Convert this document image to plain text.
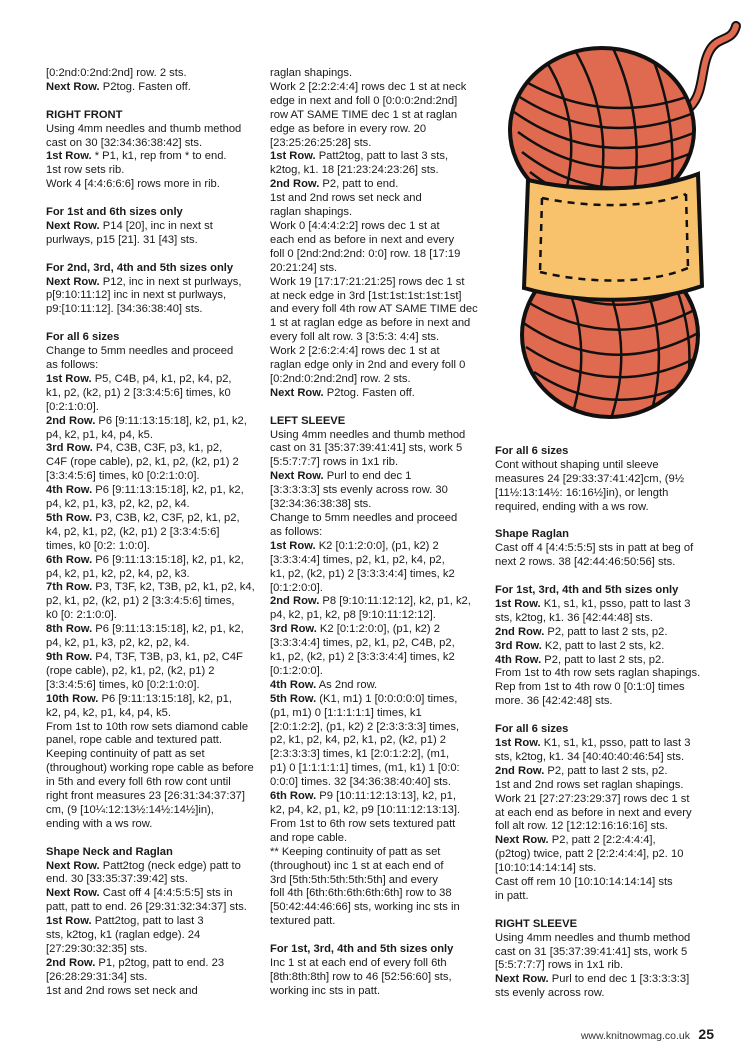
[0:2nd:0:2nd:2nd] row. 2 sts.
Next Row. P2tog. Fasten off.
RIGHT FRONT
Using 4mm needles and thumb method
cast on 30 [32:34:36:38:42] sts.
1st Row. * P1, k1, rep from * to end.
1st row sets rib.
Work 4 [4:4:6:6:6] rows more in rib.
For 1st and 6th sizes only
Next Row. P14 [20], inc in next st
purlways, p15 [21]. 31 [43] sts.
For 2nd, 3rd, 4th and 5th sizes only
Next Row. P12, inc in next st purlways,
p[9:10:11:12] inc in next st purlways,
p9:[10:11:12]. [34:36:38:40] sts.
For all 6 sizes
Change to 5mm needles and proceed
as follows:
1st Row. P5, C4B, p4, k1, p2, k4, p2,
k1, p2, (k2, p1) 2 [3:3:4:5:6] times, k0
[0:2:1:0:0].
2nd Row. P6 [9:11:13:15:18], k2, p1, k2,
p4, k2, p1, k4, p4, k5.
3rd Row. P4, C3B, C3F, p3, k1, p2,
C4F (rope cable), p2, k1, p2, (k2, p1) 2
[3:3:4:5:6] times, k0 [0:2:1:0:0].
4th Row. P6 [9:11:13:15:18], k2, p1, k2,
p4, k2, p1, k3, p2, k2, p2, k4.
5th Row. P3, C3B, k2, C3F, p2, k1, p2,
k4, p2, k1, p2, (k2, p1) 2 [3:3:4:5:6]
times, k0 [0:2: 1:0:0].
6th Row. P6 [9:11:13:15:18], k2, p1, k2,
p4, k2, p1, k2, p2, k4, p2, k3.
7th Row. P3, T3F, k2, T3B, p2, k1, p2, k4,
p2, k1, p2, (k2, p1) 2 [3:3:4:5:6] times,
k0 [0: 2:1:0:0].
8th Row. P6 [9:11:13:15:18], k2, p1, k2,
p4, k2, p1, k3, p2, k2, p2, k4.
9th Row. P4, T3F, T3B, p3, k1, p2, C4F
(rope cable), p2, k1, p2, (k2, p1) 2
[3:3:4:5:6] times, k0 [0:2:1:0:0].
10th Row. P6 [9:11:13:15:18], k2, p1,
k2, p4, k2, p1, k4, p4, k5.
From 1st to 10th row sets diamond cable
panel, rope cable and textured patt.
Keeping continuity of patt as set
(throughout) working rope cable as before
in 5th and every foll 6th row cont until
right front measures 23 [26:31:34:37:37]
cm, (9 [10¼:12:13½:14½:14½]in),
ending with a ws row.
Shape Neck and Raglan
Next Row. Patt2tog (neck edge) patt to
end. 30 [33:35:37:39:42] sts.
Next Row. Cast off 4 [4:4:5:5:5] sts in
patt, patt to end. 26 [29:31:32:34:37] sts.
1st Row. Patt2tog, patt to last 3
sts, k2tog, k1 (raglan edge). 24
[27:29:30:32:35] sts.
2nd Row. P1, p2tog, patt to end. 23
[26:28:29:31:34] sts.
1st and 2nd rows set neck and
raglan shapings.
Work 2 [2:2:2:4:4] rows dec 1 st at neck
edge in next and foll 0 [0:0:0:2nd:2nd]
row AT SAME TIME dec 1 st at raglan
edge as before in every row. 20
[23:25:26:25:28] sts.
1st Row. Patt2tog, patt to last 3 sts,
k2tog, k1. 18 [21:23:24:23:26] sts.
2nd Row. P2, patt to end.
1st and 2nd rows set neck and
raglan shapings.
Work 0 [4:4:4:2:2] rows dec 1 st at
each end as before in next and every
foll 0 [2nd:2nd:2nd: 0:0] row. 18 [17:19
20:21:24] sts.
Work 19 [17:17:21:21:25] rows dec 1 st
at neck edge in 3rd [1st:1st:1st:1st:1st]
and every foll 4th row AT SAME TIME dec
1 st at raglan edge as before in next and
every foll alt row. 3 [3:5:3: 4:4] sts.
Work 2 [2:6:2:4:4] rows dec 1 st at
raglan edge only in 2nd and every foll 0
[0:2nd:0:2nd:2nd] row. 2 sts.
Next Row. P2tog. Fasten off.
LEFT SLEEVE
Using 4mm needles and thumb method
cast on 31 [35:37:39:41:41] sts, work 5
[5:5:7:7:7] rows in 1x1 rib.
Next Row. Purl to end dec 1
[3:3:3:3:3] sts evenly across row. 30
[32:34:36:38:38] sts.
Change to 5mm needles and proceed
as follows:
1st Row. K2 [0:1:2:0:0], (p1, k2) 2
[3:3:3:4:4] times, p2, k1, p2, k4, p2,
k1, p2, (k2, p1) 2 [3:3:3:4:4] times, k2
[0:1:2:0:0].
2nd Row. P8 [9:10:11:12:12], k2, p1, k2,
p4, k2, p1, k2, p8 [9:10:11:12:12].
3rd Row. K2 [0:1:2:0:0], (p1, k2) 2
[3:3:3:4:4] times, p2, k1, p2, C4B, p2,
k1, p2, (k2, p1) 2 [3:3:3:4:4] times, k2
[0:1:2:0:0].
4th Row. As 2nd row.
5th Row. (K1, m1) 1 [0:0:0:0:0] times,
(p1, m1) 0 [1:1:1:1:1] times, k1
[2:0:1:2:2], (p1, k2) 2 [2:3:3:3:3] times,
p2, k1, p2, k4, p2, k1, p2, (k2, p1) 2
[2:3:3:3:3] times, k1 [2:0:1:2:2], (m1,
p1) 0 [1:1:1:1:1] times, (m1, k1) 1 [0:0:
0:0:0] times. 32 [34:36:38:40:40] sts.
6th Row. P9 [10:11:12:13:13], k2, p1,
k2, p4, k2, p1, k2, p9 [10:11:12:13:13].
From 1st to 6th row sets textured patt
and rope cable.
** Keeping continuity of patt as set
(throughout) inc 1 st at each end of
3rd [5th:5th:5th:5th:5th] and every
foll 4th [6th:6th:6th:6th:6th] row to 38
[50:42:44:46:66] sts, working inc sts in
textured patt.
For 1st, 3rd, 4th and 5th sizes only
Inc 1 st at each end of every foll 6th
[8th:8th:8th] row to 46 [52:56:60] sts,
working inc sts in patt.
For all 6 sizes
Cont without shaping until sleeve
measures 24 [29:33:37:41:42]cm, (9½
[11½:13:14½: 16:16½]in), or length
required, ending with a ws row.
Shape Raglan
Cast off 4 [4:4:5:5:5] sts in patt at beg of
next 2 rows. 38 [42:44:46:50:56] sts.
For 1st, 3rd, 4th and 5th sizes only
1st Row. K1, s1, k1, psso, patt to last 3
sts, k2tog, k1. 36 [42:44:48] sts.
2nd Row. P2, patt to last 2 sts, p2.
3rd Row. K2, patt to last 2 sts, k2.
4th Row. P2, patt to last 2 sts, p2.
From 1st to 4th row sets raglan shapings.
Rep from 1st to 4th row 0 [0:1:0] times
more. 36 [42:42:48] sts.
For all 6 sizes
1st Row. K1, s1, k1, psso, patt to last 3
sts, k2tog, k1. 34 [40:40:40:46:54] sts.
2nd Row. P2, patt to last 2 sts, p2.
1st and 2nd rows set raglan shapings.
Work 21 [27:27:23:29:37] rows dec 1 st
at each end as before in next and every
foll alt row. 12 [12:12:16:16:16] sts.
Next Row. P2, patt 2 [2:2:4:4:4],
(p2tog) twice, patt 2 [2:2:4:4:4], p2. 10
[10:10:14:14:14] sts.
Cast off rem 10 [10:10:14:14:14] sts
in patt.
RIGHT SLEEVE
Using 4mm needles and thumb method
cast on 31 [35:37:39:41:41] sts, work 5
[5:5:7:7:7] rows in 1x1 rib.
Next Row. Purl to end dec 1 [3:3:3:3:3]
sts evenly across row.
www.knitnowmag.co.uk 25
